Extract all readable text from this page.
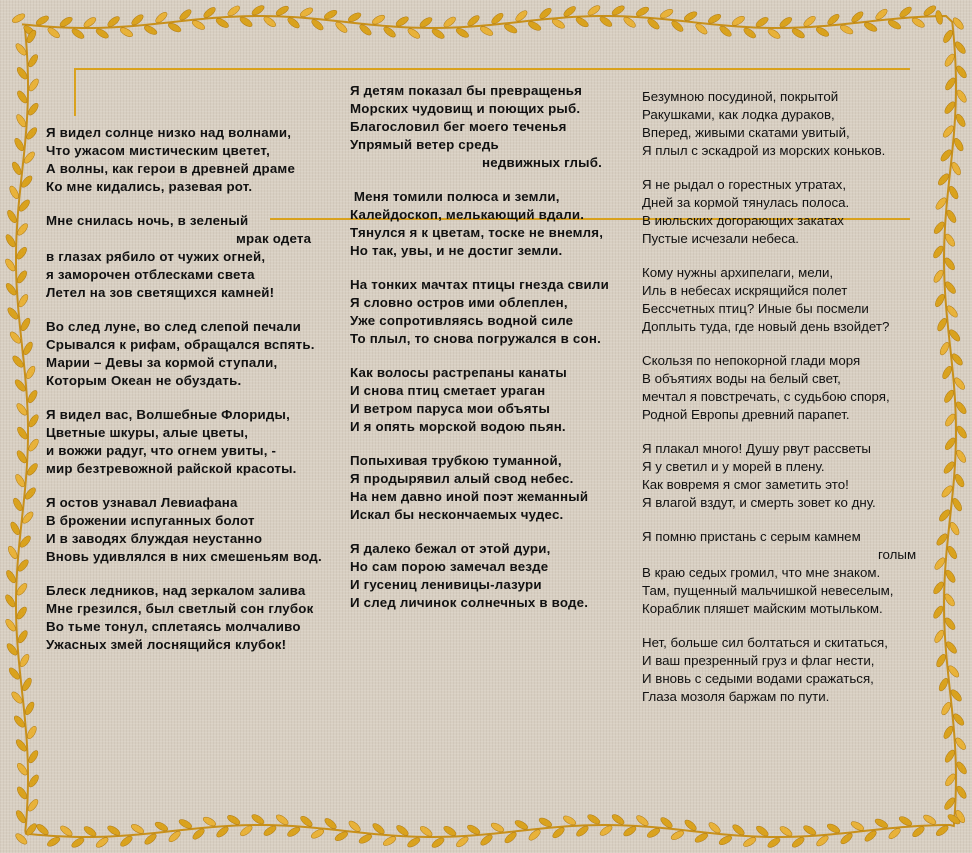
Я видел солнце низко над волнами,
Что ужасом мистическим цветет,
А волны, как герои в древней драме
Ко мне кидались, разевая рот.
Мне снилась ночь, в зеленый
мрак одета
в глазах рябило от чужих огней,
я заморочен отблесками света
Летел на зов светящихся камней!
Во след луне, во след слепой печали
Срывался к рифам, обращался вспять.
Марии – Девы за кормой ступали,
Которым Океан не обуздать.
Я видел вас, Волшебные Флориды,
Цветные шкуры, алые цветы,
и вожжи радуг, что огнем увиты, -
мир безтревожной райской красоты.
Я остов узнавал Левиафана
В брожении испуганных болот
И в заводях блуждая неустанно
Вновь удивлялся в них смешеньям вод.
Блеск ледников, над зеркалом залива
Мне грезился, был светлый сон глубок
Во тьме тонул, сплетаясь молчаливо
Ужасных змей лоснящийся клубок!
Я детям показал бы превращенья
Морских чудовищ и поющих рыб.
Благословил бег моего теченья
Упрямый ветер средь
недвижных глыб.
Меня томили полюса и земли,
Калейдоскоп, мелькающий вдали.
Тянулся я к цветам, тоске не внемля,
Но так, увы, и не достиг земли.
На тонких мачтах птицы гнезда свили
Я словно остров ими облеплен,
Уже сопротивляясь водной силе
То плыл, то снова погружался в сон.
Как волосы растрепаны канаты
И снова птиц сметает ураган
И ветром паруса мои объяты
И я опять морской водою пьян.
Попыхивая трубкою туманной,
Я продырявил алый свод небес.
На нем давно иной поэт жеманный
Искал бы нескончаемых чудес.
Я далеко бежал от этой дури,
Но сам порою замечал везде
И гусениц ленивицы-лазури
И след личинок солнечных в воде.
Безумною посудиной, покрытой
Ракушками, как лодка дураков,
Вперед, живыми скатами увитый,
Я плыл с эскадрой из морских коньков.
Я не рыдал о горестных утратах,
Дней за кормой тянулась полоса.
В июльских догорающих закатах
Пустые исчезали небеса.
Кому нужны архипелаги, мели,
Иль в небесах искрящийся полет
Бессчетных птиц? Иные бы посмели
Доплыть туда, где новый день взойдет?
Скользя по непокорной глади моря
В объятиях воды на белый свет,
мечтал я повстречать, с судьбою споря,
Родной Европы древний парапет.
Я плакал много! Душу рвут рассветы
Я у светил и у морей в плену.
Как вовремя я смог заметить это!
Я влагой вздут, и смерть зовет ко дну.
Я помню пристань с серым камнем
голым
В краю седых громил, что мне знаком.
Там, пущенный мальчишкой невеселым,
Кораблик пляшет майским мотыльком.
Нет, больше сил болтаться и скитаться,
И ваш презренный груз и флаг нести,
И вновь с седыми водами сражаться,
Глаза мозоля баржам по пути.
